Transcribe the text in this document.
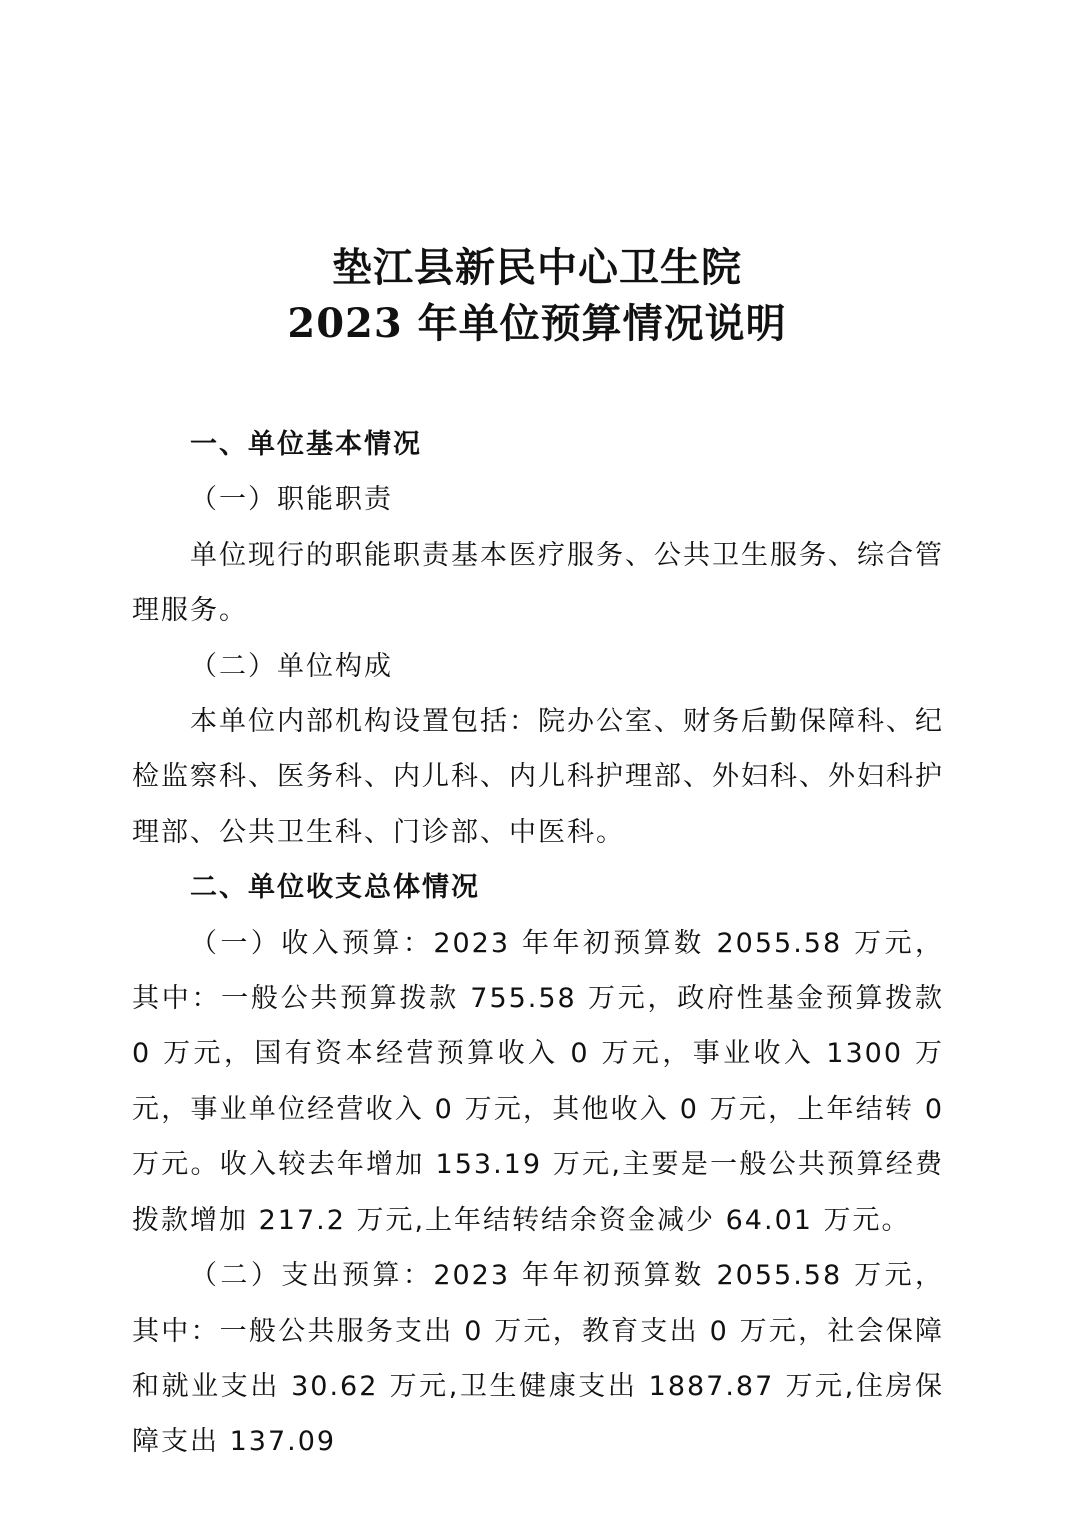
垫江县新民中心卫生院
2023 年单位预算情况说明

一、单位基本情况

（一）职能职责

单位现行的职能职责基本医疗服务、公共卫生服务、综合管理服务。

（二）单位构成

本单位内部机构设置包括：院办公室、财务后勤保障科、纪检监察科、医务科、内儿科、内儿科护理部、外妇科、外妇科护理部、公共卫生科、门诊部、中医科。

二、单位收支总体情况

（一）收入预算：2023 年年初预算数 2055.58 万元，其中：一般公共预算拨款 755.58 万元，政府性基金预算拨款 0 万元，国有资本经营预算收入 0 万元，事业收入 1300 万元，事业单位经营收入 0 万元，其他收入 0 万元，上年结转 0 万元。收入较去年增加 153.19 万元,主要是一般公共预算经费拨款增加 217.2 万元,上年结转结余资金减少 64.01 万元。

（二）支出预算：2023 年年初预算数 2055.58 万元，其中：一般公共服务支出 0 万元，教育支出 0 万元，社会保障和就业支出 30.62 万元,卫生健康支出 1887.87 万元,住房保障支出 137.09
